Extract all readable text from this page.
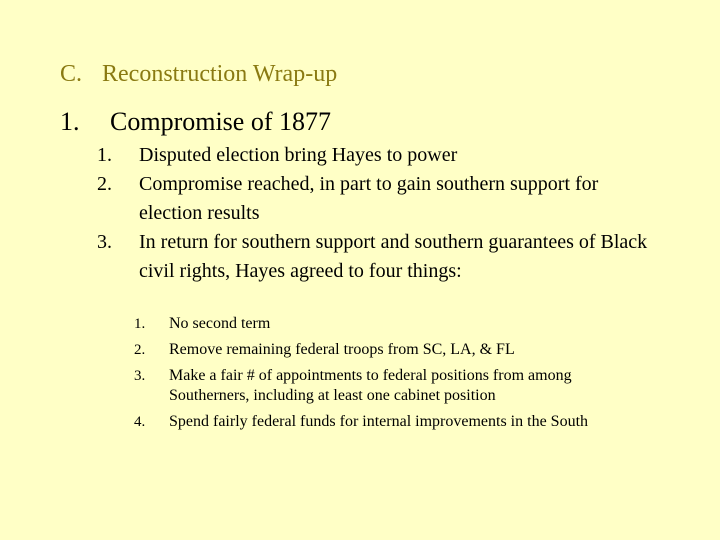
C. Reconstruction Wrap-up
1. Compromise of 1877
1.	Disputed election bring Hayes to power
2.	Compromise reached, in part to gain southern support for election results
3.	In return for southern support and southern guarantees of Black civil rights, Hayes agreed to four things:
1.	No second term
2.	Remove remaining federal troops from SC, LA, & FL
3.	Make a fair # of appointments to federal positions from among Southerners, including at least one cabinet position
4.	Spend fairly federal funds for internal improvements in the South
